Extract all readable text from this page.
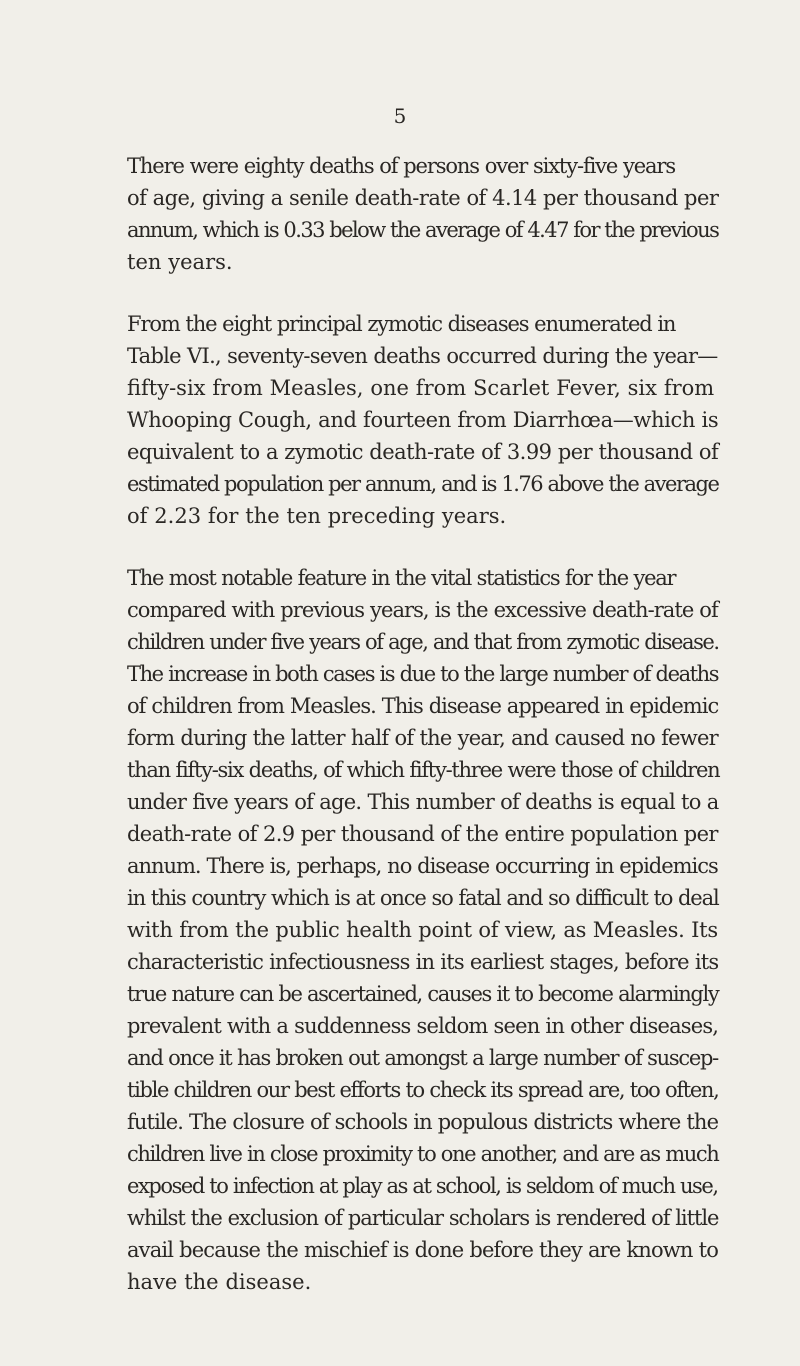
5

There were eighty deaths of persons over sixty-five years
of age, giving a senile death-rate of 4.14 per thousand per
annum, which is 0.33 below the average of 4.47 for the previous
ten years.

From the eight principal zymotic diseases enumerated in
Table VI., seventy-seven deaths occurred during the year—
fifty-six from Measles, one from Scarlet Fever, six from
Whooping Cough, and fourteen from Diarrhœa—which is
equivalent to a zymotic death-rate of 3.99 per thousand of
estimated population per annum, and is 1.76 above the average
of 2.23 for the ten preceding years.

The most notable feature in the vital statistics for the year
compared with previous years, is the excessive death-rate of
children under five years of age, and that from zymotic disease.
The increase in both cases is due to the large number of deaths
of children from Measles. This disease appeared in epidemic
form during the latter half of the year, and caused no fewer
than fifty-six deaths, of which fifty-three were those of children
under five years of age. This number of deaths is equal to a
death-rate of 2.9 per thousand of the entire population per
annum. There is, perhaps, no disease occurring in epidemics
in this country which is at once so fatal and so difficult to deal
with from the public health point of view, as Measles. Its
characteristic infectiousness in its earliest stages, before its
true nature can be ascertained, causes it to become alarmingly
prevalent with a suddenness seldom seen in other diseases,
and once it has broken out amongst a large number of suscep-
tible children our best efforts to check its spread are, too often,
futile. The closure of schools in populous districts where the
children live in close proximity to one another, and are as much
exposed to infection at play as at school, is seldom of much use,
whilst the exclusion of particular scholars is rendered of little
avail because the mischief is done before they are known to
have the disease.
